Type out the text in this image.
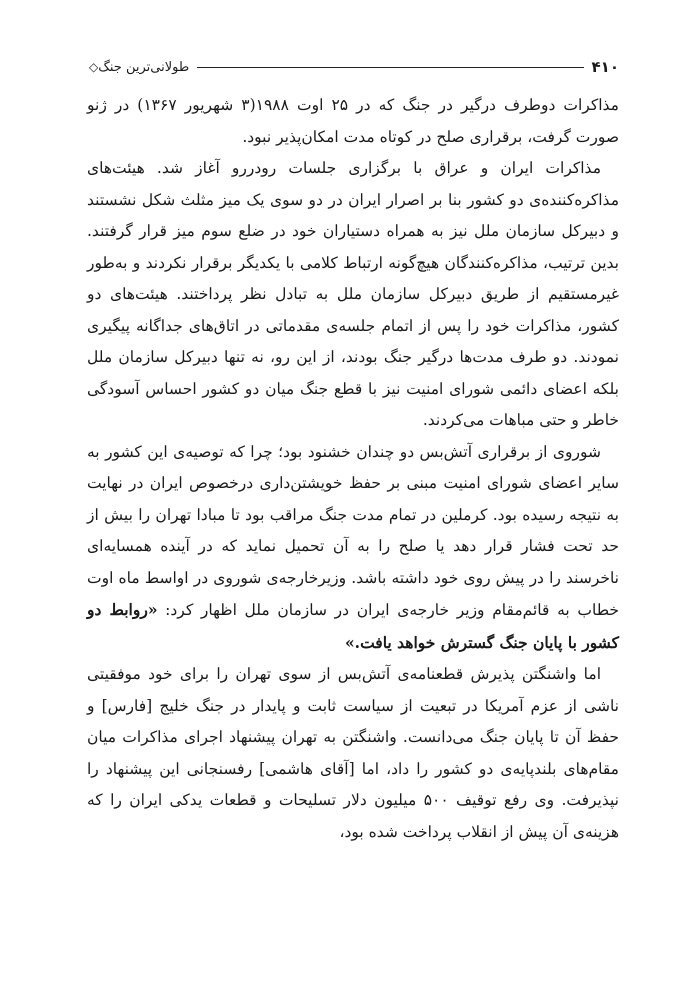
۴۱۰
طولانی‌ترین جنگ
◇

مذاکرات دوطرف درگیر در جنگ که در ۲۵ اوت ۱۹۸۸(۳ شهریور ۱۳۶۷) در ژنو صورت گرفت، برقراری صلح در کوتاه مدت امکان‌پذیر نبود.

مذاکرات ایران و عراق با برگزاری جلسات رودررو آغاز شد. هیئت‌های مذاکره‌کننده‌ی دو کشور بنا بر اصرار ایران در دو سوی یک میز مثلث شکل نشستند و دبیرکل سازمان ملل نیز به همراه دستیاران خود در ضلع سوم میز قرار گرفتند. بدین ترتیب، مذاکره‌کنندگان هیچ‌گونه ارتباط کلامی با یکدیگر برقرار نکردند و به‌طور غیرمستقیم از طریق دبیرکل سازمان ملل به تبادل نظر پرداختند. هیئت‌های دو کشور، مذاکرات خود را پس از اتمام جلسه‌ی مقدماتی در اتاق‌های جداگانه پیگیری نمودند. دو طرف مدت‌ها درگیر جنگ بودند، از این رو، نه تنها دبیرکل سازمان ملل بلکه اعضای دائمی شورای امنیت نیز با قطع جنگ میان دو کشور احساس آسودگی خاطر و حتی مباهات می‌کردند.

شوروی از برقراری آتش‌بس دو چندان خشنود بود؛ چرا که توصیه‌ی این کشور به سایر اعضای شورای امنیت مبنی بر حفظ خویشتن‌داری درخصوص ایران در نهایت به نتیجه رسیده بود. کرملین در تمام مدت جنگ مراقب بود تا مبادا تهران را بیش از حد تحت فشار قرار دهد یا صلح را به آن تحمیل نماید که در آینده همسایه‌ای ناخرسند را در پیش روی خود داشته باشد. وزیرخارجه‌ی شوروی در اواسط ماه اوت خطاب به قائم‌مقام وزیر خارجه‌ی ایران در سازمان ملل اظهار کرد: «روابط دو کشور با پایان جنگ گسترش خواهد یافت.»

اما واشنگتن پذیرش قطعنامه‌ی آتش‌بس از سوی تهران را برای خود موفقیتی ناشی از عزم آمریکا در تبعیت از سیاست ثابت و پایدار در جنگ خلیج [فارس] و حفظ آن تا پایان جنگ می‌دانست. واشنگتن به تهران پیشنهاد اجرای مذاکرات میان مقام‌های بلندپایه‌ی دو کشور را داد، اما [آقای هاشمی] رفسنجانی این پیشنهاد را نپذیرفت. وی رفع توقیف ۵۰۰ میلیون دلار تسلیحات و قطعات یدکی ایران را که هزینه‌ی آن پیش از انقلاب پرداخت شده بود،
